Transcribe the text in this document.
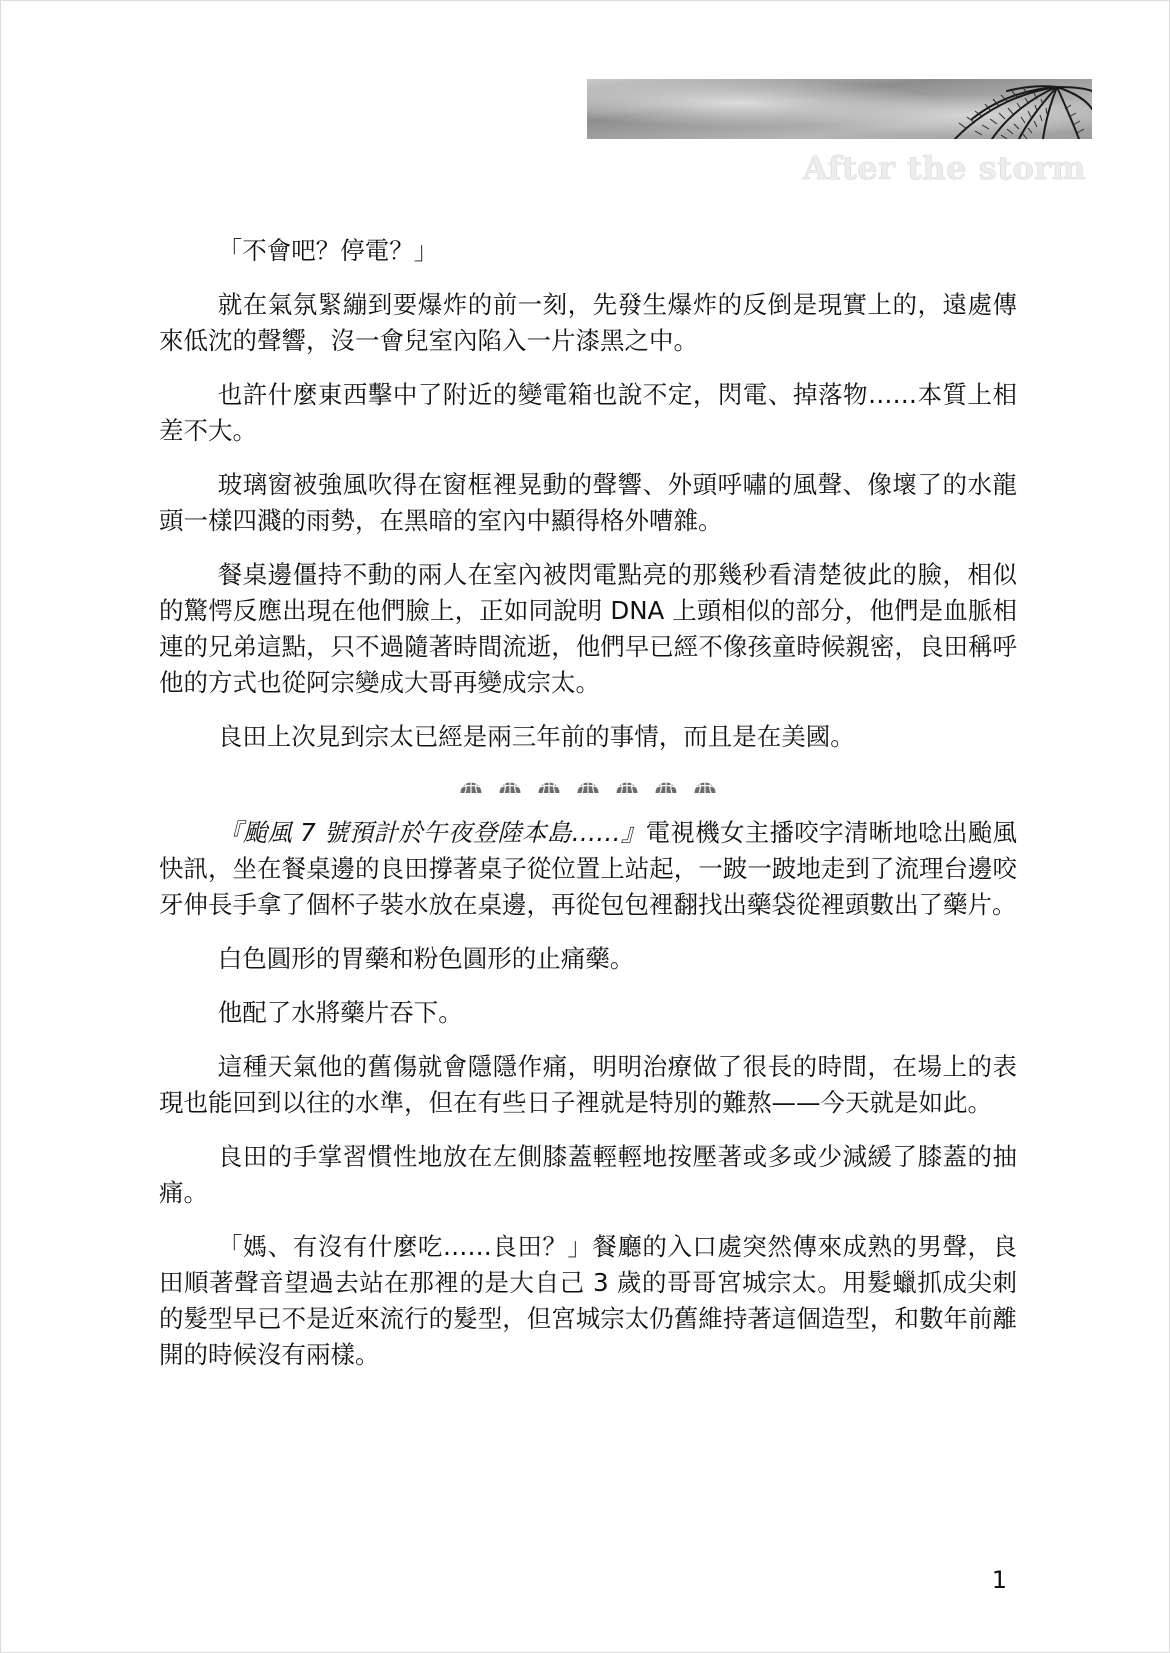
After the storm

「不會吧？停電？」

就在氣氛緊繃到要爆炸的前一刻，先發生爆炸的反倒是現實上的，遠處傳來低沈的聲響，沒一會兒室內陷入一片漆黑之中。

也許什麼東西擊中了附近的變電箱也說不定，閃電、掉落物……本質上相差不大。

玻璃窗被強風吹得在窗框裡晃動的聲響、外頭呼嘯的風聲、像壞了的水龍頭一樣四濺的雨勢，在黑暗的室內中顯得格外嘈雜。

餐桌邊僵持不動的兩人在室內被閃電點亮的那幾秒看清楚彼此的臉，相似的驚愕反應出現在他們臉上，正如同說明 DNA 上頭相似的部分，他們是血脈相連的兄弟這點，只不過隨著時間流逝，他們早已經不像孩童時候親密，良田稱呼他的方式也從阿宗變成大哥再變成宗太。

良田上次見到宗太已經是兩三年前的事情，而且是在美國。

『颱風 7 號預計於午夜登陸本島……』電視機女主播咬字清晰地唸出颱風快訊，坐在餐桌邊的良田撐著桌子從位置上站起，一跛一跛地走到了流理台邊咬牙伸長手拿了個杯子裝水放在桌邊，再從包包裡翻找出藥袋從裡頭數出了藥片。

白色圓形的胃藥和粉色圓形的止痛藥。

他配了水將藥片吞下。

這種天氣他的舊傷就會隱隱作痛，明明治療做了很長的時間，在場上的表現也能回到以往的水準，但在有些日子裡就是特別的難熬——今天就是如此。

良田的手掌習慣性地放在左側膝蓋輕輕地按壓著或多或少減緩了膝蓋的抽痛。

「媽、有沒有什麼吃……良田？」餐廳的入口處突然傳來成熟的男聲，良田順著聲音望過去站在那裡的是大自己 3 歲的哥哥宮城宗太。用髮蠟抓成尖刺的髮型早已不是近來流行的髮型，但宮城宗太仍舊維持著這個造型，和數年前離開的時候沒有兩樣。

1
